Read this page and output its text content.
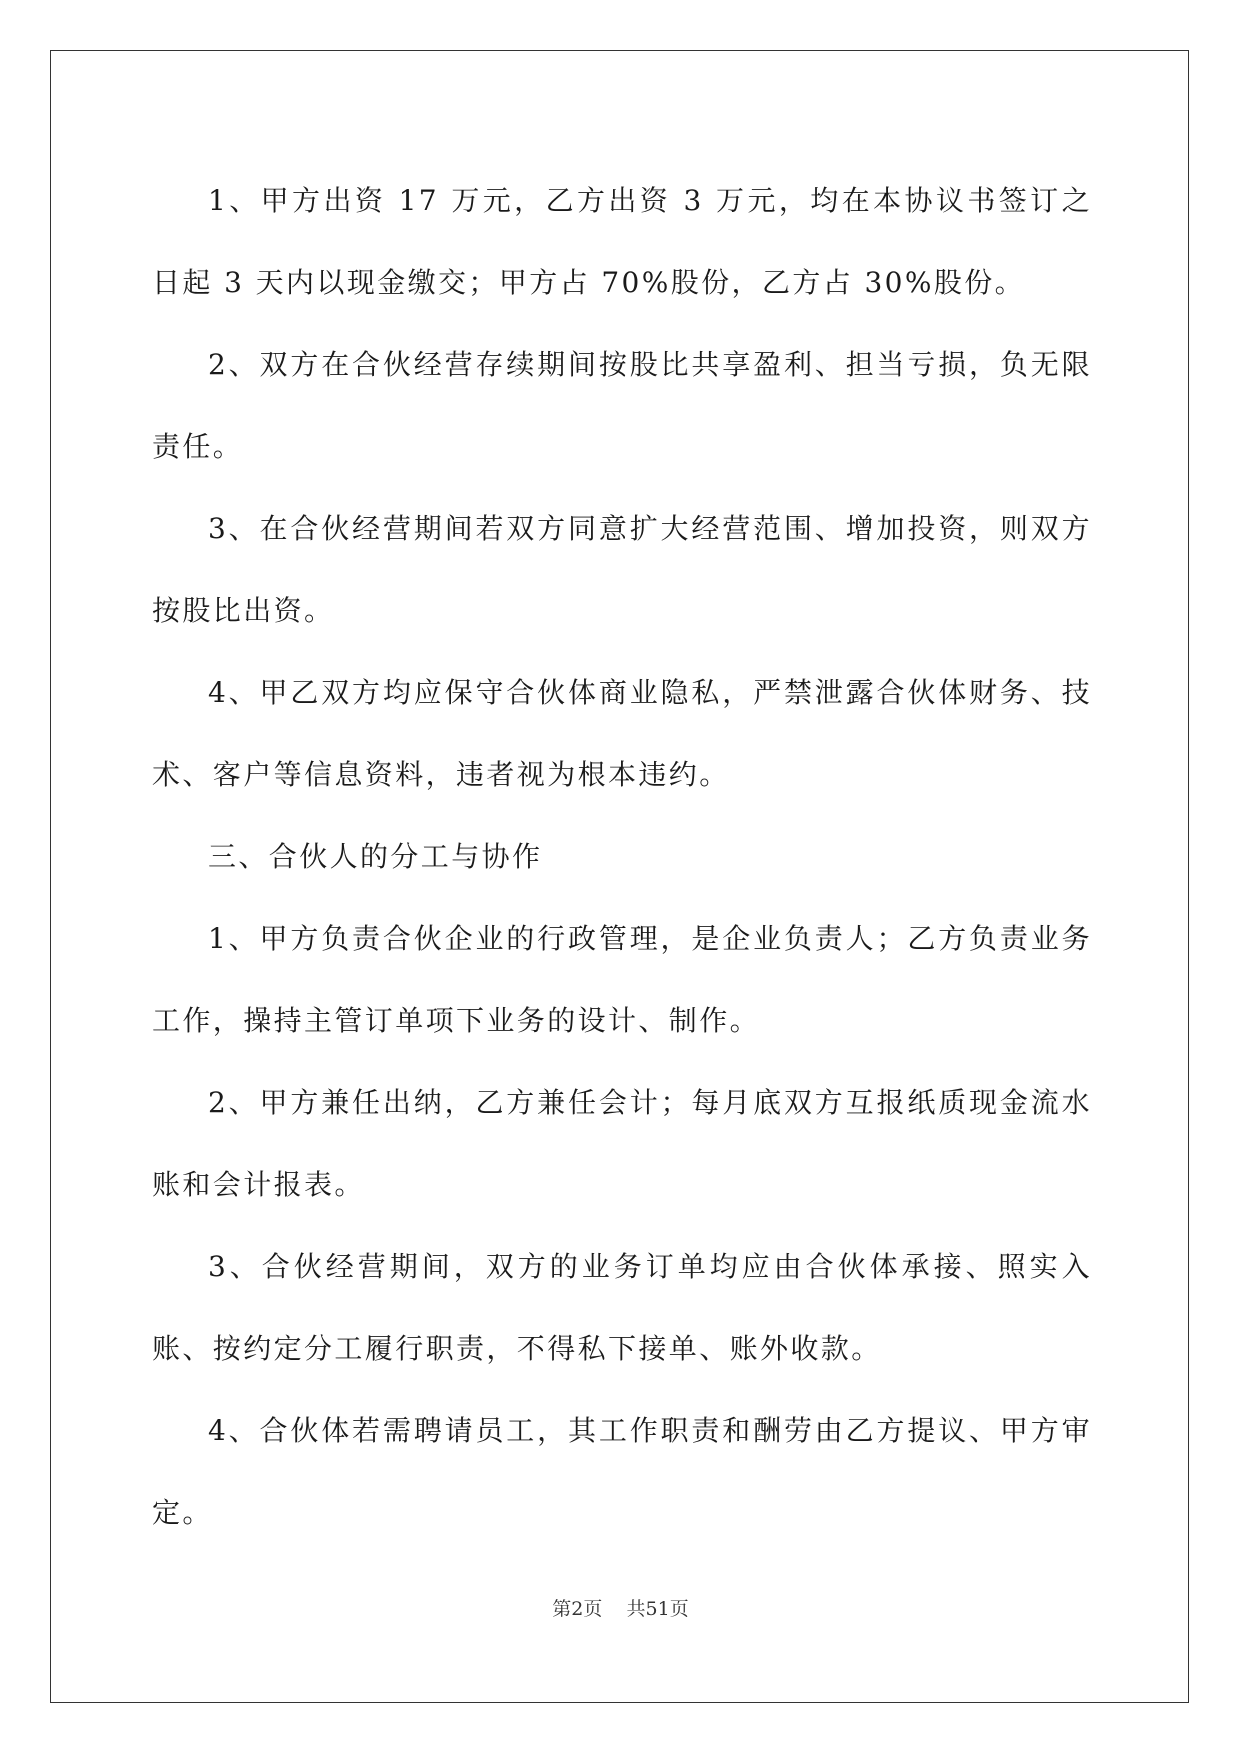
1、甲方出资 17 万元，乙方出资 3 万元，均在本协议书签订之日起 3 天内以现金缴交；甲方占 70%股份，乙方占 30%股份。

2、双方在合伙经营存续期间按股比共享盈利、担当亏损，负无限责任。

3、在合伙经营期间若双方同意扩大经营范围、增加投资，则双方按股比出资。

4、甲乙双方均应保守合伙体商业隐私，严禁泄露合伙体财务、技术、客户等信息资料，违者视为根本违约。

三、合伙人的分工与协作

1、甲方负责合伙企业的行政管理，是企业负责人；乙方负责业务工作，操持主管订单项下业务的设计、制作。

2、甲方兼任出纳，乙方兼任会计；每月底双方互报纸质现金流水账和会计报表。

3、合伙经营期间，双方的业务订单均应由合伙体承接、照实入账、按约定分工履行职责，不得私下接单、账外收款。

4、合伙体若需聘请员工，其工作职责和酬劳由乙方提议、甲方审定。

第2页 共51页
